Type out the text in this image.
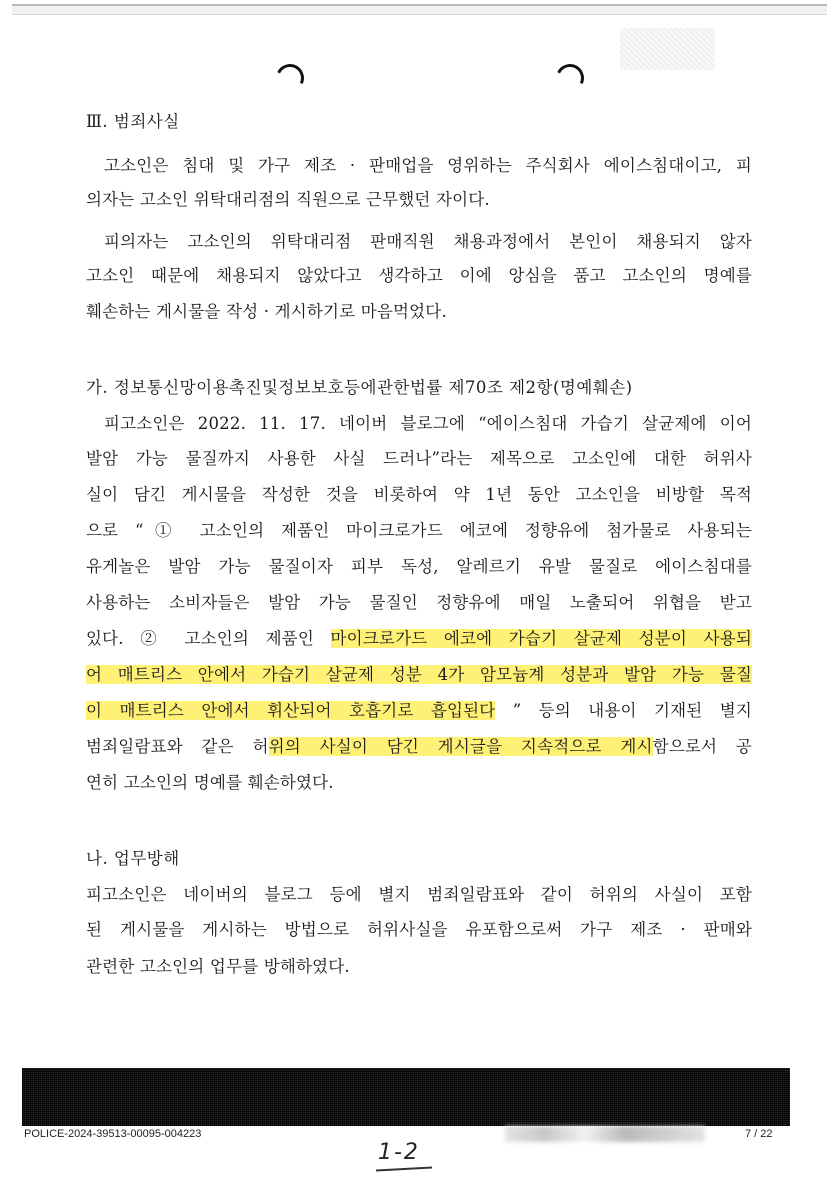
Ⅲ. 범죄사실
고소인은 침대 및 가구 제조 · 판매업을 영위하는 주식회사 에이스침대이고, 피
의자는 고소인 위탁대리점의 직원으로 근무했던 자이다.
피의자는 고소인의 위탁대리점 판매직원 채용과정에서 본인이 채용되지 않자
고소인 때문에 채용되지 않았다고 생각하고 이에 앙심을 품고 고소인의 명예를
훼손하는 게시물을 작성 · 게시하기로 마음먹었다.
가. 정보통신망이용촉진및정보보호등에관한법률 제70조 제2항(명예훼손)
피고소인은 2022. 11. 17. 네이버 블로그에 “에이스침대 가습기 살균제에 이어
발암 가능 물질까지 사용한 사실 드러나”라는 제목으로 고소인에 대한 허위사
실이 담긴 게시물을 작성한 것을 비롯하여 약 1년 동안 고소인을 비방할 목적
으로 “① 고소인의 제품인 마이크로가드 에코에 정향유에 첨가물로 사용되는
유게놀은 발암 가능 물질이자 피부 독성, 알레르기 유발 물질로 에이스침대를
사용하는 소비자들은 발암 가능 물질인 정향유에 매일 노출되어 위협을 받고
있다. ② 고소인의 제품인 마이크로가드 에코에 가습기 살균제 성분이 사용되
어 매트리스 안에서 가습기 살균제 성분 4가 암모늄계 성분과 발암 가능 물질
이 매트리스 안에서 휘산되어 호흡기로 흡입된다 ” 등의 내용이 기재된 별지
범죄일람표와 같은 허위의 사실이 담긴 게시글을 지속적으로 게시함으로서 공
연히 고소인의 명예를 훼손하였다.
나. 업무방해
피고소인은 네이버의 블로그 등에 별지 범죄일람표와 같이 허위의 사실이 포함
된 게시물을 게시하는 방법으로 허위사실을 유포함으로써 가구 제조 · 판매와
관련한 고소인의 업무를 방해하였다.
POLICE-2024-39513-00095-004223	7 / 22
1-2
